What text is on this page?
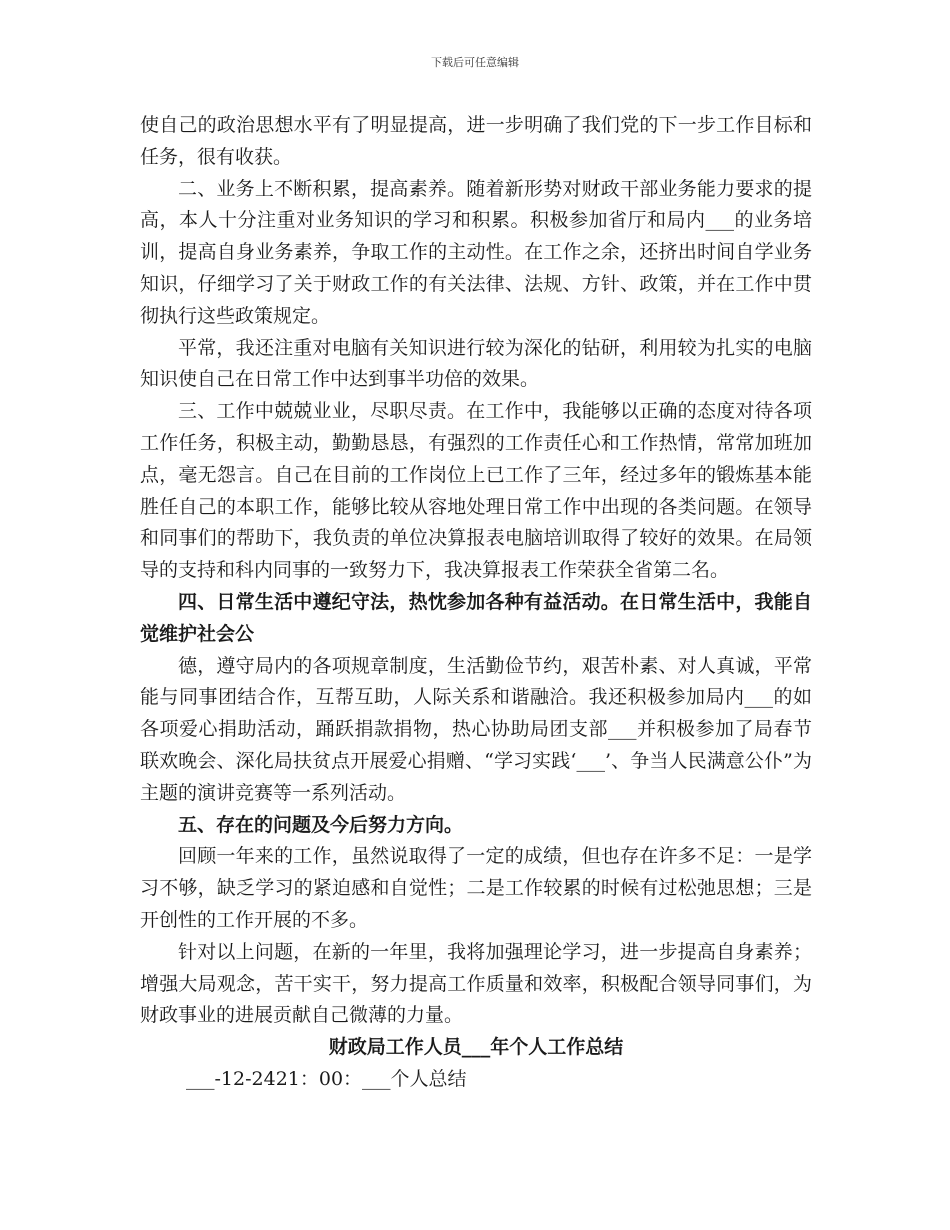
下载后可任意编辑

使自己的政治思想水平有了明显提高，进一步明确了我们党的下一步工作目标和任务，很有收获。

二、业务上不断积累，提高素养。随着新形势对财政干部业务能力要求的提高，本人十分注重对业务知识的学习和积累。积极参加省厅和局内___的业务培训，提高自身业务素养，争取工作的主动性。在工作之余，还挤出时间自学业务知识，仔细学习了关于财政工作的有关法律、法规、方针、政策，并在工作中贯彻执行这些政策规定。

平常，我还注重对电脑有关知识进行较为深化的钻研，利用较为扎实的电脑知识使自己在日常工作中达到事半功倍的效果。

三、工作中兢兢业业，尽职尽责。在工作中，我能够以正确的态度对待各项工作任务，积极主动，勤勤恳恳，有强烈的工作责任心和工作热情，常常加班加点，毫无怨言。自己在目前的工作岗位上已工作了三年，经过多年的锻炼基本能胜任自己的本职工作，能够比较从容地处理日常工作中出现的各类问题。在领导和同事们的帮助下，我负责的单位决算报表电脑培训取得了较好的效果。在局领导的支持和科内同事的一致努力下，我决算报表工作荣获全省第二名。

四、日常生活中遵纪守法，热忱参加各种有益活动。在日常生活中，我能自觉维护社会公

德，遵守局内的各项规章制度，生活勤俭节约，艰苦朴素、对人真诚，平常能与同事团结合作，互帮互助，人际关系和谐融洽。我还积极参加局内___的如各项爱心捐助活动，踊跃捐款捐物，热心协助局团支部___并积极参加了局春节联欢晚会、深化局扶贫点开展爱心捐赠、“学习实践‘___’、争当人民满意公仆”为主题的演讲竞赛等一系列活动。

五、存在的问题及今后努力方向。

回顾一年来的工作，虽然说取得了一定的成绩，但也存在许多不足：一是学习不够，缺乏学习的紧迫感和自觉性；二是工作较累的时候有过松弛思想；三是开创性的工作开展的不多。

针对以上问题，在新的一年里，我将加强理论学习，进一步提高自身素养；增强大局观念，苦干实干，努力提高工作质量和效率，积极配合领导同事们，为财政事业的进展贡献自己微薄的力量。

财政局工作人员___年个人工作总结

___-12-2421：00：___个人总结
